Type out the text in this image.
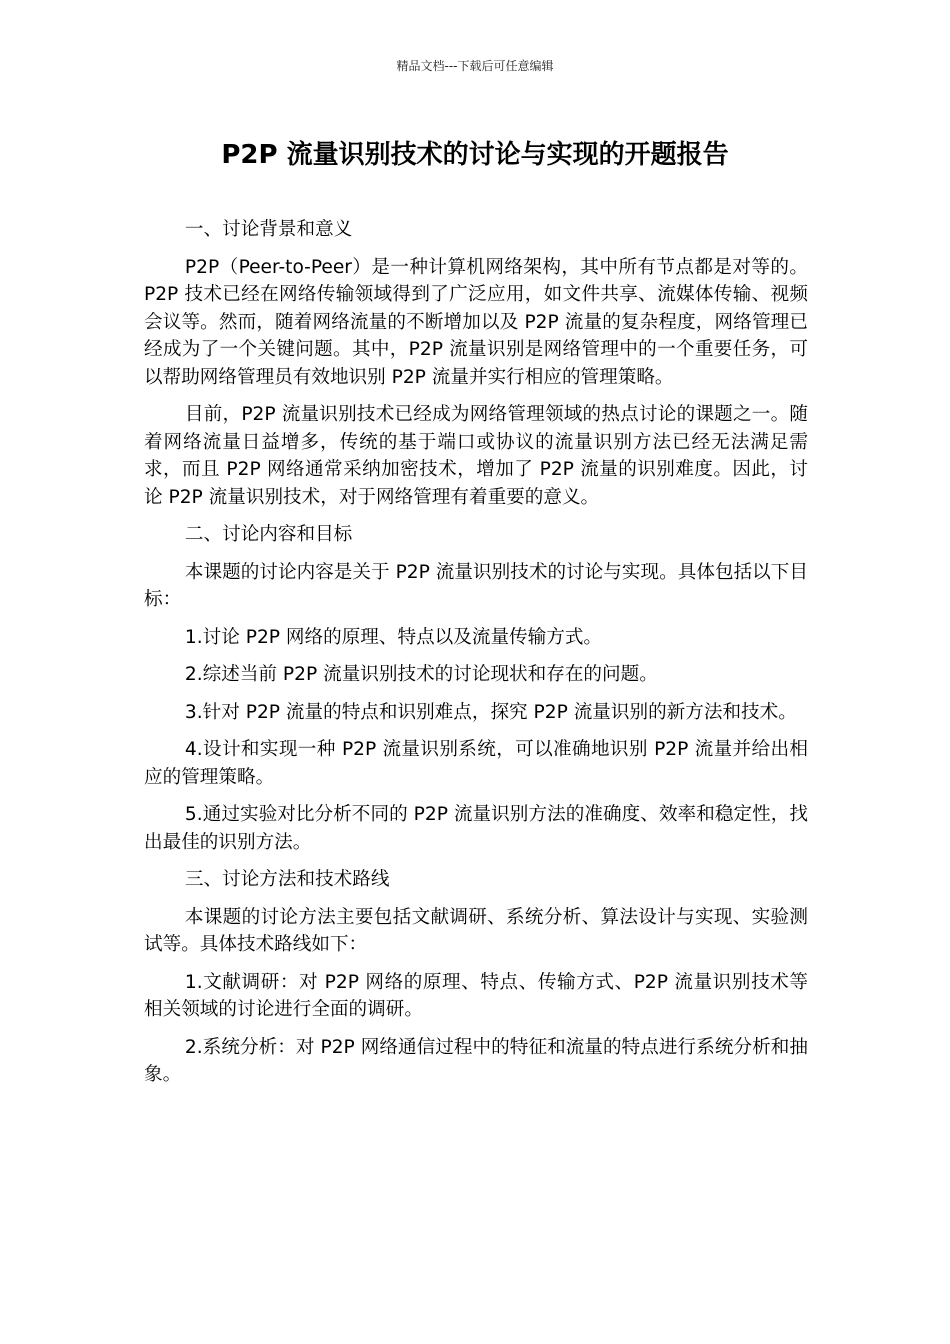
精品文档---下载后可任意编辑
P2P 流量识别技术的讨论与实现的开题报告

一、讨论背景和意义

P2P（Peer-to-Peer）是一种计算机网络架构，其中所有节点都是对等的。P2P 技术已经在网络传输领域得到了广泛应用，如文件共享、流媒体传输、视频会议等。然而，随着网络流量的不断增加以及 P2P 流量的复杂程度，网络管理已经成为了一个关键问题。其中，P2P 流量识别是网络管理中的一个重要任务，可以帮助网络管理员有效地识别 P2P 流量并实行相应的管理策略。

目前，P2P 流量识别技术已经成为网络管理领域的热点讨论的课题之一。随着网络流量日益增多，传统的基于端口或协议的流量识别方法已经无法满足需求，而且 P2P 网络通常采纳加密技术，增加了 P2P 流量的识别难度。因此，讨论 P2P 流量识别技术，对于网络管理有着重要的意义。

二、讨论内容和目标

本课题的讨论内容是关于 P2P 流量识别技术的讨论与实现。具体包括以下目标：

1.讨论 P2P 网络的原理、特点以及流量传输方式。

2.综述当前 P2P 流量识别技术的讨论现状和存在的问题。

3.针对 P2P 流量的特点和识别难点，探究 P2P 流量识别的新方法和技术。

4.设计和实现一种 P2P 流量识别系统，可以准确地识别 P2P 流量并给出相应的管理策略。

5.通过实验对比分析不同的 P2P 流量识别方法的准确度、效率和稳定性，找出最佳的识别方法。

三、讨论方法和技术路线

本课题的讨论方法主要包括文献调研、系统分析、算法设计与实现、实验测试等。具体技术路线如下：

1.文献调研：对 P2P 网络的原理、特点、传输方式、P2P 流量识别技术等相关领域的讨论进行全面的调研。

2.系统分析：对 P2P 网络通信过程中的特征和流量的特点进行系统分析和抽象。
